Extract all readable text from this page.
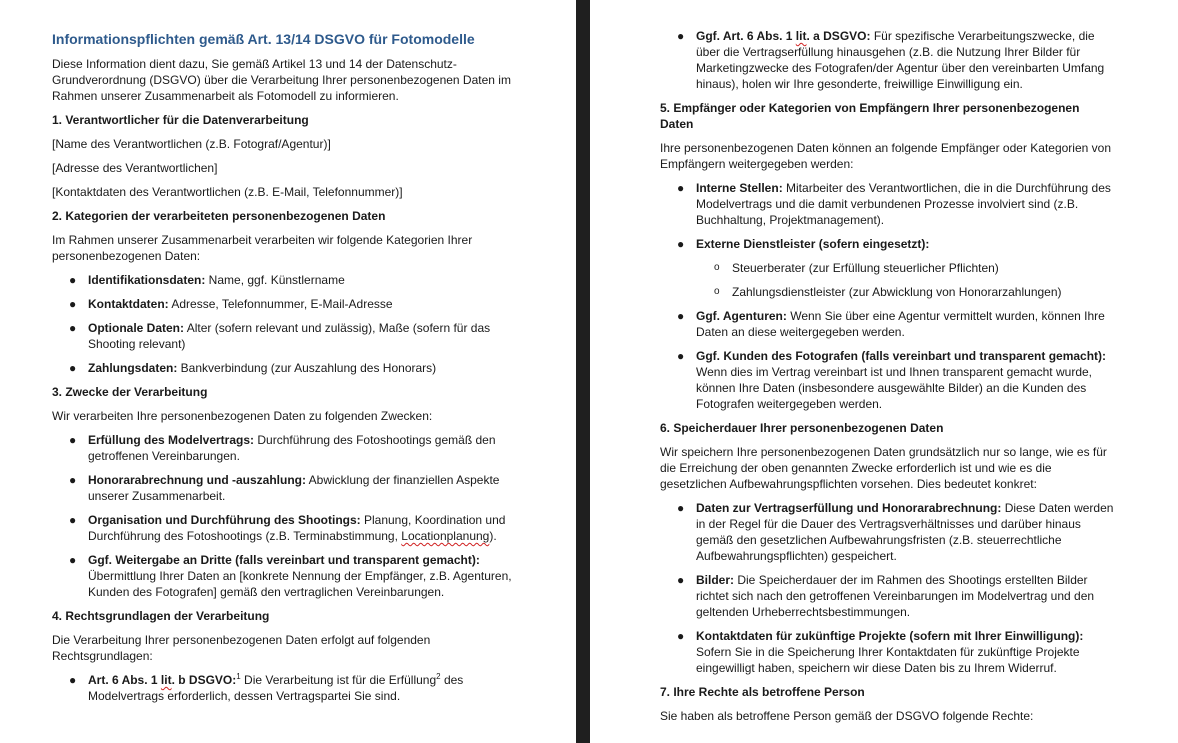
Informationspflichten gemäß Art. 13/14 DSGVO für Fotomodelle

Diese Information dient dazu, Sie gemäß Artikel 13 und 14 der Datenschutz-Grundverordnung (DSGVO) über die Verarbeitung Ihrer personenbezogenen Daten im Rahmen unserer Zusammenarbeit als Fotomodell zu informieren.

1. Verantwortlicher für die Datenverarbeitung

[Name des Verantwortlichen (z.B. Fotograf/Agentur)]

[Adresse des Verantwortlichen]

[Kontaktdaten des Verantwortlichen (z.B. E-Mail, Telefonnummer)]

2. Kategorien der verarbeiteten personenbezogenen Daten

Im Rahmen unserer Zusammenarbeit verarbeiten wir folgende Kategorien Ihrer personenbezogenen Daten:

● Identifikationsdaten: Name, ggf. Künstlername
● Kontaktdaten: Adresse, Telefonnummer, E-Mail-Adresse
● Optionale Daten: Alter (sofern relevant und zulässig), Maße (sofern für das Shooting relevant)
● Zahlungsdaten: Bankverbindung (zur Auszahlung des Honorars)
3. Zwecke der Verarbeitung

Wir verarbeiten Ihre personenbezogenen Daten zu folgenden Zwecken:

● Erfüllung des Modelvertrags: Durchführung des Fotoshootings gemäß den getroffenen Vereinbarungen.
● Honorarabrechnung und -auszahlung: Abwicklung der finanziellen Aspekte unserer Zusammenarbeit.
● Organisation und Durchführung des Shootings: Planung, Koordination und Durchführung des Fotoshootings (z.B. Terminabstimmung, Locationplanung).
● Ggf. Weitergabe an Dritte (falls vereinbart und transparent gemacht): Übermittlung Ihrer Daten an [konkrete Nennung der Empfänger, z.B. Agenturen, Kunden des Fotografen] gemäß den vertraglichen Vereinbarungen.
4. Rechtsgrundlagen der Verarbeitung

Die Verarbeitung Ihrer personenbezogenen Daten erfolgt auf folgenden Rechtsgrundlagen:

● Art. 6 Abs. 1 lit. b DSGVO:$^1$ Die Verarbeitung ist für die Erfüllung$^2$ des Modelvertrags erforderlich, dessen Vertragspartei Sie sind.
● Ggf. Art. 6 Abs. 1 lit. a DSGVO: Für spezifische Verarbeitungszwecke, die über die Vertragserfüllung hinausgehen (z.B. die Nutzung Ihrer Bilder für Marketingzwecke des Fotografen/der Agentur über den vereinbarten Umfang hinaus), holen wir Ihre gesonderte, freiwillige Einwilligung ein.
5. Empfänger oder Kategorien von Empfängern Ihrer personenbezogenen Daten

Ihre personenbezogenen Daten können an folgende Empfänger oder Kategorien von Empfängern weitergegeben werden:

● Interne Stellen: Mitarbeiter des Verantwortlichen, die in die Durchführung des Modelvertrags und die damit verbundenen Prozesse involviert sind (z.B. Buchhaltung, Projektmanagement).
● Externe Dienstleister (sofern eingesetzt):
o Steuerberater (zur Erfüllung steuerlicher Pflichten)
o Zahlungsdienstleister (zur Abwicklung von Honorarzahlungen)
● Ggf. Agenturen: Wenn Sie über eine Agentur vermittelt wurden, können Ihre Daten an diese weitergegeben werden.
● Ggf. Kunden des Fotografen (falls vereinbart und transparent gemacht): Wenn dies im Vertrag vereinbart ist und Ihnen transparent gemacht wurde, können Ihre Daten (insbesondere ausgewählte Bilder) an die Kunden des Fotografen weitergegeben werden.
6. Speicherdauer Ihrer personenbezogenen Daten

Wir speichern Ihre personenbezogenen Daten grundsätzlich nur so lange, wie es für die Erreichung der oben genannten Zwecke erforderlich ist und wie es die gesetzlichen Aufbewahrungspflichten vorsehen. Dies bedeutet konkret:

● Daten zur Vertragserfüllung und Honorarabrechnung: Diese Daten werden in der Regel für die Dauer des Vertragsverhältnisses und darüber hinaus gemäß den gesetzlichen Aufbewahrungsfristen (z.B. steuerrechtliche Aufbewahrungspflichten) gespeichert.
● Bilder: Die Speicherdauer der im Rahmen des Shootings erstellten Bilder richtet sich nach den getroffenen Vereinbarungen im Modelvertrag und den geltenden Urheberrechtsbestimmungen.
● Kontaktdaten für zukünftige Projekte (sofern mit Ihrer Einwilligung): Sofern Sie in die Speicherung Ihrer Kontaktdaten für zukünftige Projekte eingewilligt haben, speichern wir diese Daten bis zu Ihrem Widerruf.
7. Ihre Rechte als betroffene Person

Sie haben als betroffene Person gemäß der DSGVO folgende Rechte:
